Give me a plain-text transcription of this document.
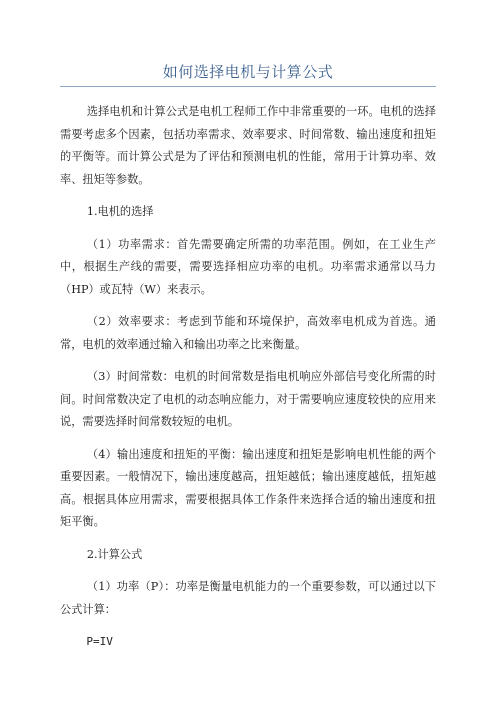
如何选择电机与计算公式

选择电机和计算公式是电机工程师工作中非常重要的一环。电机的选择需要考虑多个因素，包括功率需求、效率要求、时间常数、输出速度和扭矩的平衡等。而计算公式是为了评估和预测电机的性能，常用于计算功率、效率、扭矩等参数。

1.电机的选择

（1）功率需求：首先需要确定所需的功率范围。例如，在工业生产中，根据生产线的需要，需要选择相应功率的电机。功率需求通常以马力（HP）或瓦特（W）来表示。

（2）效率要求：考虑到节能和环境保护，高效率电机成为首选。通常，电机的效率通过输入和输出功率之比来衡量。

（3）时间常数：电机的时间常数是指电机响应外部信号变化所需的时间。时间常数决定了电机的动态响应能力，对于需要响应速度较快的应用来说，需要选择时间常数较短的电机。

（4）输出速度和扭矩的平衡：输出速度和扭矩是影响电机性能的两个重要因素。一般情况下，输出速度越高，扭矩越低；输出速度越低，扭矩越高。根据具体应用需求，需要根据具体工作条件来选择合适的输出速度和扭矩平衡。

2.计算公式

（1）功率（P）：功率是衡量电机能力的一个重要参数，可以通过以下公式计算：

P=IV
